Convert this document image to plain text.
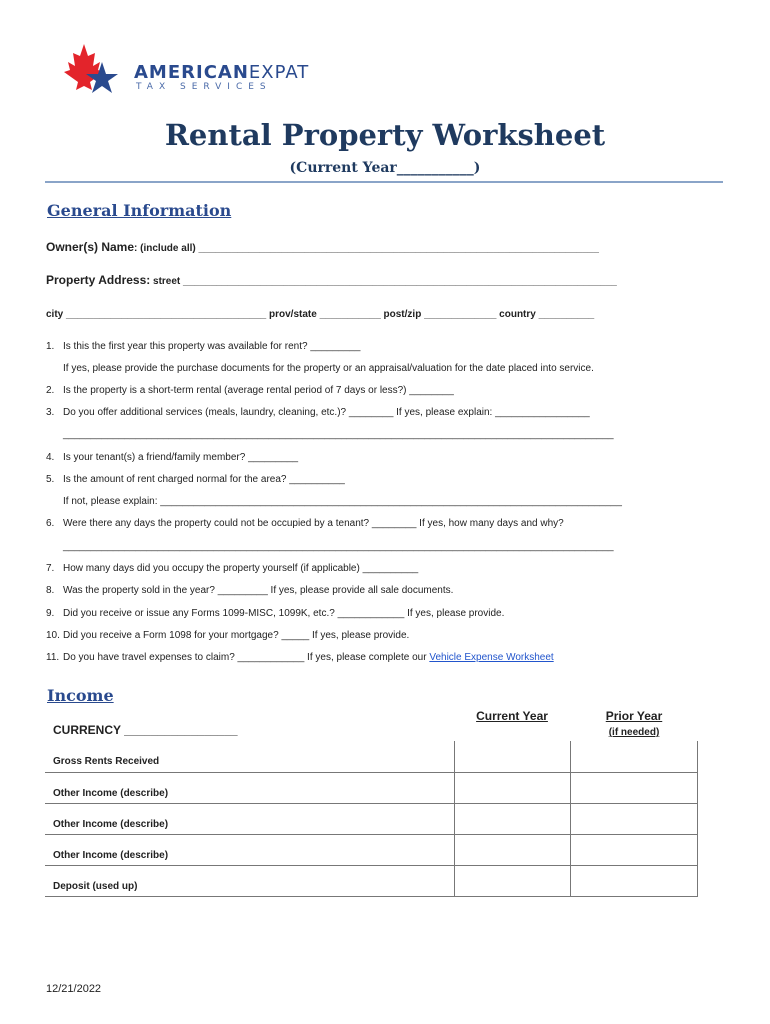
AMERICANEXPAT
TAX SERVICES
Rental Property Worksheet
(Current Year___________)
General Information
Owner(s) Name: (include all) ________________________________________________________________________
Property Address: street ______________________________________________________________________________
city ____________________________________ prov/state ___________ post/zip _____________ country __________
1. Is this the first year this property was available for rent? _________
If yes, please provide the purchase documents for the property or an appraisal/valuation for the date placed into service.
2. Is the property is a short-term rental (average rental period of 7 days or less?) ________
3. Do you offer additional services (meals, laundry, cleaning, etc.)? ________ If yes, please explain: _________________
___________________________________________________________________________________________________
4. Is your tenant(s) a friend/family member? _________
5. Is the amount of rent charged normal for the area? __________
If not, please explain: ___________________________________________________________________________________
6. Were there any days the property could not be occupied by a tenant? ________ If yes, how many days and why?
___________________________________________________________________________________________________
7. How many days did you occupy the property yourself (if applicable) __________
8. Was the property sold in the year? _________ If yes, please provide all sale documents.
9. Did you receive or issue any Forms 1099-MISC, 1099K, etc.? ____________ If yes, please provide.
10. Did you receive a Form 1098 for your mortgage? _____ If yes, please provide.
11. Do you have travel expenses to claim? ____________ If yes, please complete our Vehicle Expense Worksheet
Income
CURRENCY _________________
Current Year	Prior Year
(if needed)
Gross Rents Received
Other Income (describe)
Other Income (describe)
Other Income (describe)
Deposit (used up)
12/21/2022
